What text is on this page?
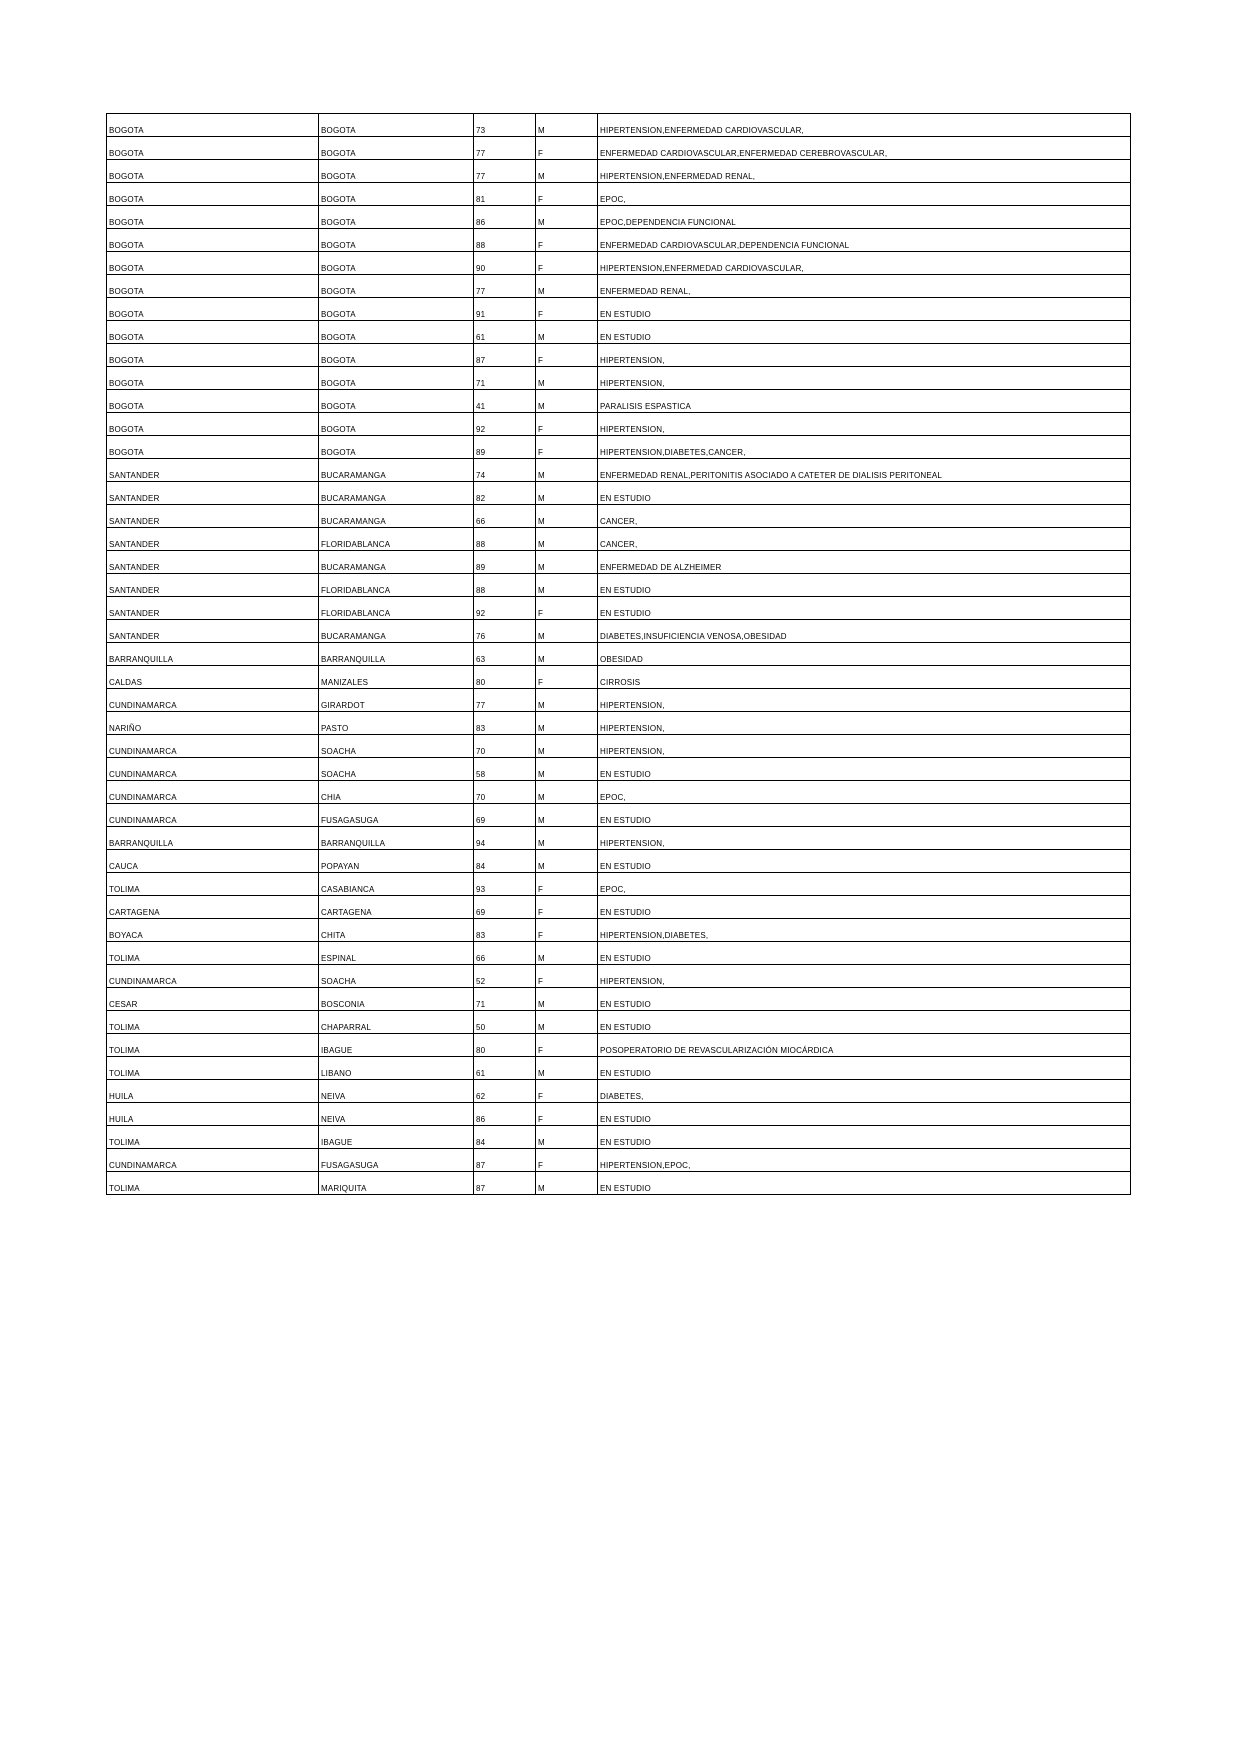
BOGOTA	BOGOTA	73	M	HIPERTENSION,ENFERMEDAD CARDIOVASCULAR,
BOGOTA	BOGOTA	77	F	ENFERMEDAD CARDIOVASCULAR,ENFERMEDAD CEREBROVASCULAR,
BOGOTA	BOGOTA	77	M	HIPERTENSION,ENFERMEDAD RENAL,
BOGOTA	BOGOTA	81	F	EPOC,
BOGOTA	BOGOTA	86	M	EPOC,DEPENDENCIA FUNCIONAL
BOGOTA	BOGOTA	88	F	ENFERMEDAD CARDIOVASCULAR,DEPENDENCIA FUNCIONAL
BOGOTA	BOGOTA	90	F	HIPERTENSION,ENFERMEDAD CARDIOVASCULAR,
BOGOTA	BOGOTA	77	M	ENFERMEDAD RENAL,
BOGOTA	BOGOTA	91	F	EN ESTUDIO
BOGOTA	BOGOTA	61	M	EN ESTUDIO
BOGOTA	BOGOTA	87	F	HIPERTENSION,
BOGOTA	BOGOTA	71	M	HIPERTENSION,
BOGOTA	BOGOTA	41	M	PARALISIS ESPASTICA
BOGOTA	BOGOTA	92	F	HIPERTENSION,
BOGOTA	BOGOTA	89	F	HIPERTENSION,DIABETES,CANCER,
SANTANDER	BUCARAMANGA	74	M	ENFERMEDAD RENAL,PERITONITIS ASOCIADO A CATETER DE DIALISIS PERITONEAL
SANTANDER	BUCARAMANGA	82	M	EN ESTUDIO
SANTANDER	BUCARAMANGA	66	M	CANCER,
SANTANDER	FLORIDABLANCA	88	M	CANCER,
SANTANDER	BUCARAMANGA	89	M	ENFERMEDAD DE ALZHEIMER
SANTANDER	FLORIDABLANCA	88	M	EN ESTUDIO
SANTANDER	FLORIDABLANCA	92	F	EN ESTUDIO
SANTANDER	BUCARAMANGA	76	M	DIABETES,INSUFICIENCIA VENOSA,OBESIDAD
BARRANQUILLA	BARRANQUILLA	63	M	OBESIDAD
CALDAS	MANIZALES	80	F	CIRROSIS
CUNDINAMARCA	GIRARDOT	77	M	HIPERTENSION,
NARIÑO	PASTO	83	M	HIPERTENSION,
CUNDINAMARCA	SOACHA	70	M	HIPERTENSION,
CUNDINAMARCA	SOACHA	58	M	EN ESTUDIO
CUNDINAMARCA	CHIA	70	M	EPOC,
CUNDINAMARCA	FUSAGASUGA	69	M	EN ESTUDIO
BARRANQUILLA	BARRANQUILLA	94	M	HIPERTENSION,
CAUCA	POPAYAN	84	M	EN ESTUDIO
TOLIMA	CASABIANCA	93	F	EPOC,
CARTAGENA	CARTAGENA	69	F	EN ESTUDIO
BOYACA	CHITA	83	F	HIPERTENSION,DIABETES,
TOLIMA	ESPINAL	66	M	EN ESTUDIO
CUNDINAMARCA	SOACHA	52	F	HIPERTENSION,
CESAR	BOSCONIA	71	M	EN ESTUDIO
TOLIMA	CHAPARRAL	50	M	EN ESTUDIO
TOLIMA	IBAGUE	80	F	POSOPERATORIO DE REVASCULARIZACIÓN MIOCÁRDICA
TOLIMA	LIBANO	61	M	EN ESTUDIO
HUILA	NEIVA	62	F	DIABETES,
HUILA	NEIVA	86	F	EN ESTUDIO
TOLIMA	IBAGUE	84	M	EN ESTUDIO
CUNDINAMARCA	FUSAGASUGA	87	F	HIPERTENSION,EPOC,
TOLIMA	MARIQUITA	87	M	EN ESTUDIO
